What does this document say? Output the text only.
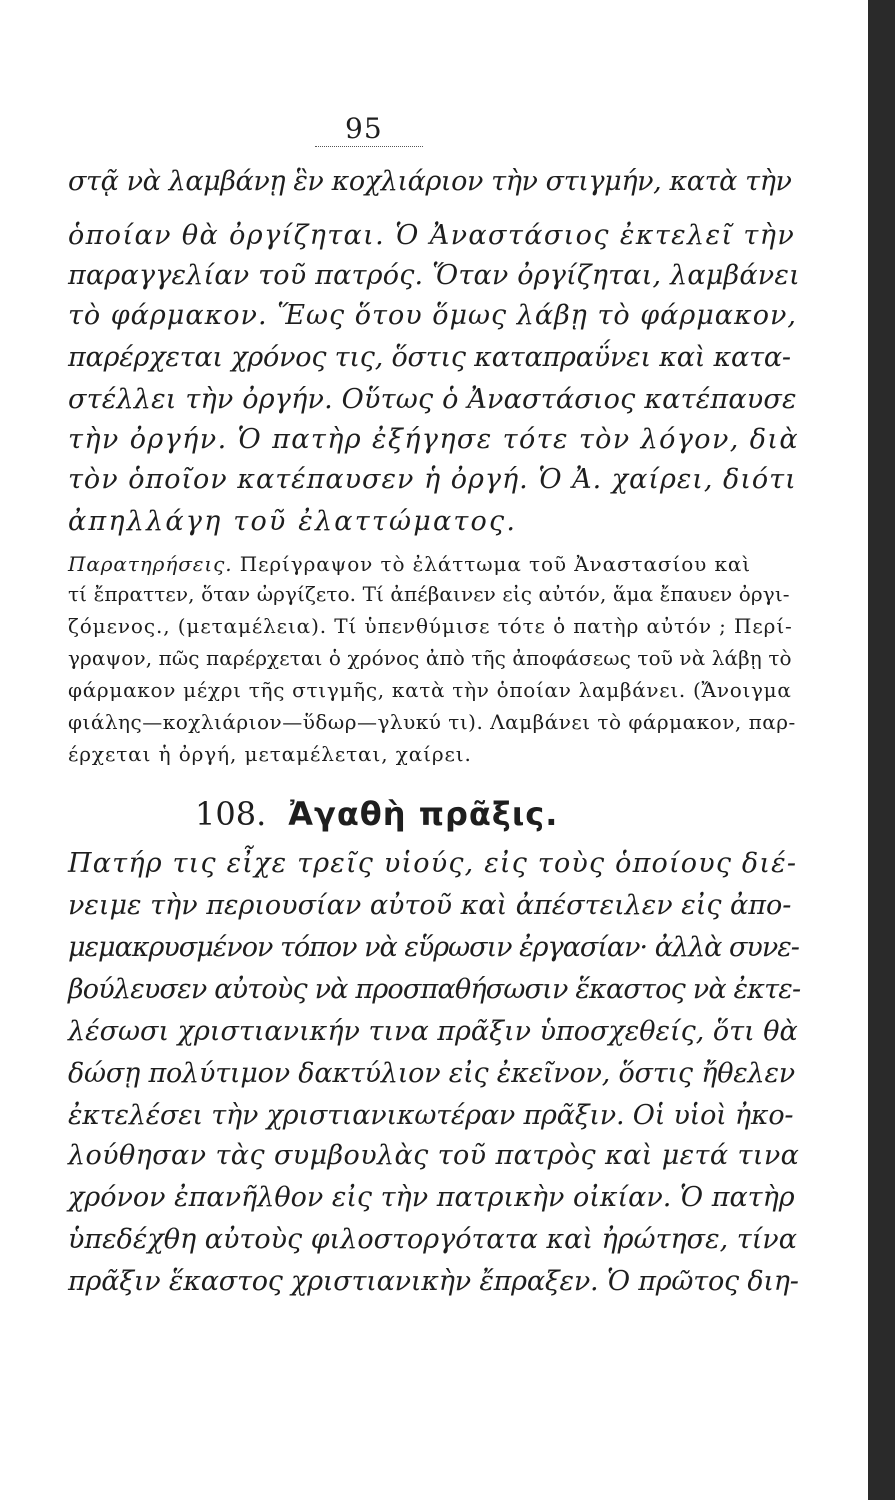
95
στᾷ νὰ λαμβάνῃ ἓν κοχλιάριον τὴν στιγμήν, κατὰ τὴν
ὁποίαν θὰ ὀργίζηται. Ὁ Ἀναστάσιος ἐκτελεῖ τὴν
παραγγελίαν τοῦ πατρός. Ὅταν ὀργίζηται, λαμβάνει
τὸ φάρμακον. Ἕως ὅτου ὅμως λάβῃ τὸ φάρμακον,
παρέρχεται χρόνος τις, ὅστις καταπραΰνει καὶ κατα-
στέλλει τὴν ὀργήν. Οὕτως ὁ Ἀναστάσιος κατέπαυσε
τὴν ὀργήν. Ὁ πατὴρ ἐξήγησε τότε τὸν λόγον, διὰ
τὸν ὁποῖον κατέπαυσεν ἡ ὀργή. Ὁ Ἀ. χαίρει, διότι
ἀπηλλάγη τοῦ ἐλαττώματος.
Παρατηρήσεις. Περίγραψον τὸ ἐλάττωμα τοῦ Ἀναστασίου καὶ
τί ἔπραττεν, ὅταν ὠργίζετο. Τί ἀπέβαινεν εἰς αὐτόν, ἅμα ἔπαυεν ὀργι-
ζόμενος., (μεταμέλεια). Τί ὑπενθύμισε τότε ὁ πατὴρ αὐτόν ; Περί-
γραψον, πῶς παρέρχεται ὁ χρόνος ἀπὸ τῆς ἀποφάσεως τοῦ νὰ λάβῃ τὸ
φάρμακον μέχρι τῆς στιγμῆς, κατὰ τὴν ὁποίαν λαμβάνει. (Ἄνοιγμα
φιάλης—κοχλιάριον—ὕδωρ—γλυκύ τι). Λαμβάνει τὸ φάρμακον, παρ-
έρχεται ἡ ὀργή, μεταμέλεται, χαίρει.
108. Ἀγαθὴ πρᾶξις.
Πατήρ τις εἶχε τρεῖς υἱούς, εἰς τοὺς ὁποίους διέ-
νειμε τὴν περιουσίαν αὐτοῦ καὶ ἀπέστειλεν εἰς ἀπο-
μεμακρυσμένον τόπον νὰ εὕρωσιν ἐργασίαν· ἀλλὰ συνε-
βούλευσεν αὐτοὺς νὰ προσπαθήσωσιν ἕκαστος νὰ ἐκτε-
λέσωσι χριστιανικήν τινα πρᾶξιν ὑποσχεθείς, ὅτι θὰ
δώσῃ πολύτιμον δακτύλιον εἰς ἐκεῖνον, ὅστις ἤθελεν
ἐκτελέσει τὴν χριστιανικωτέραν πρᾶξιν. Οἱ υἱοὶ ἠκο-
λούθησαν τὰς συμβουλὰς τοῦ πατρὸς καὶ μετά τινα
χρόνον ἐπανῆλθον εἰς τὴν πατρικὴν οἰκίαν. Ὁ πατὴρ
ὑπεδέχθη αὐτοὺς φιλοστοργότατα καὶ ἠρώτησε, τίνα
πρᾶξιν ἕκαστος χριστιανικὴν ἔπραξεν. Ὁ πρῶτος διη-
